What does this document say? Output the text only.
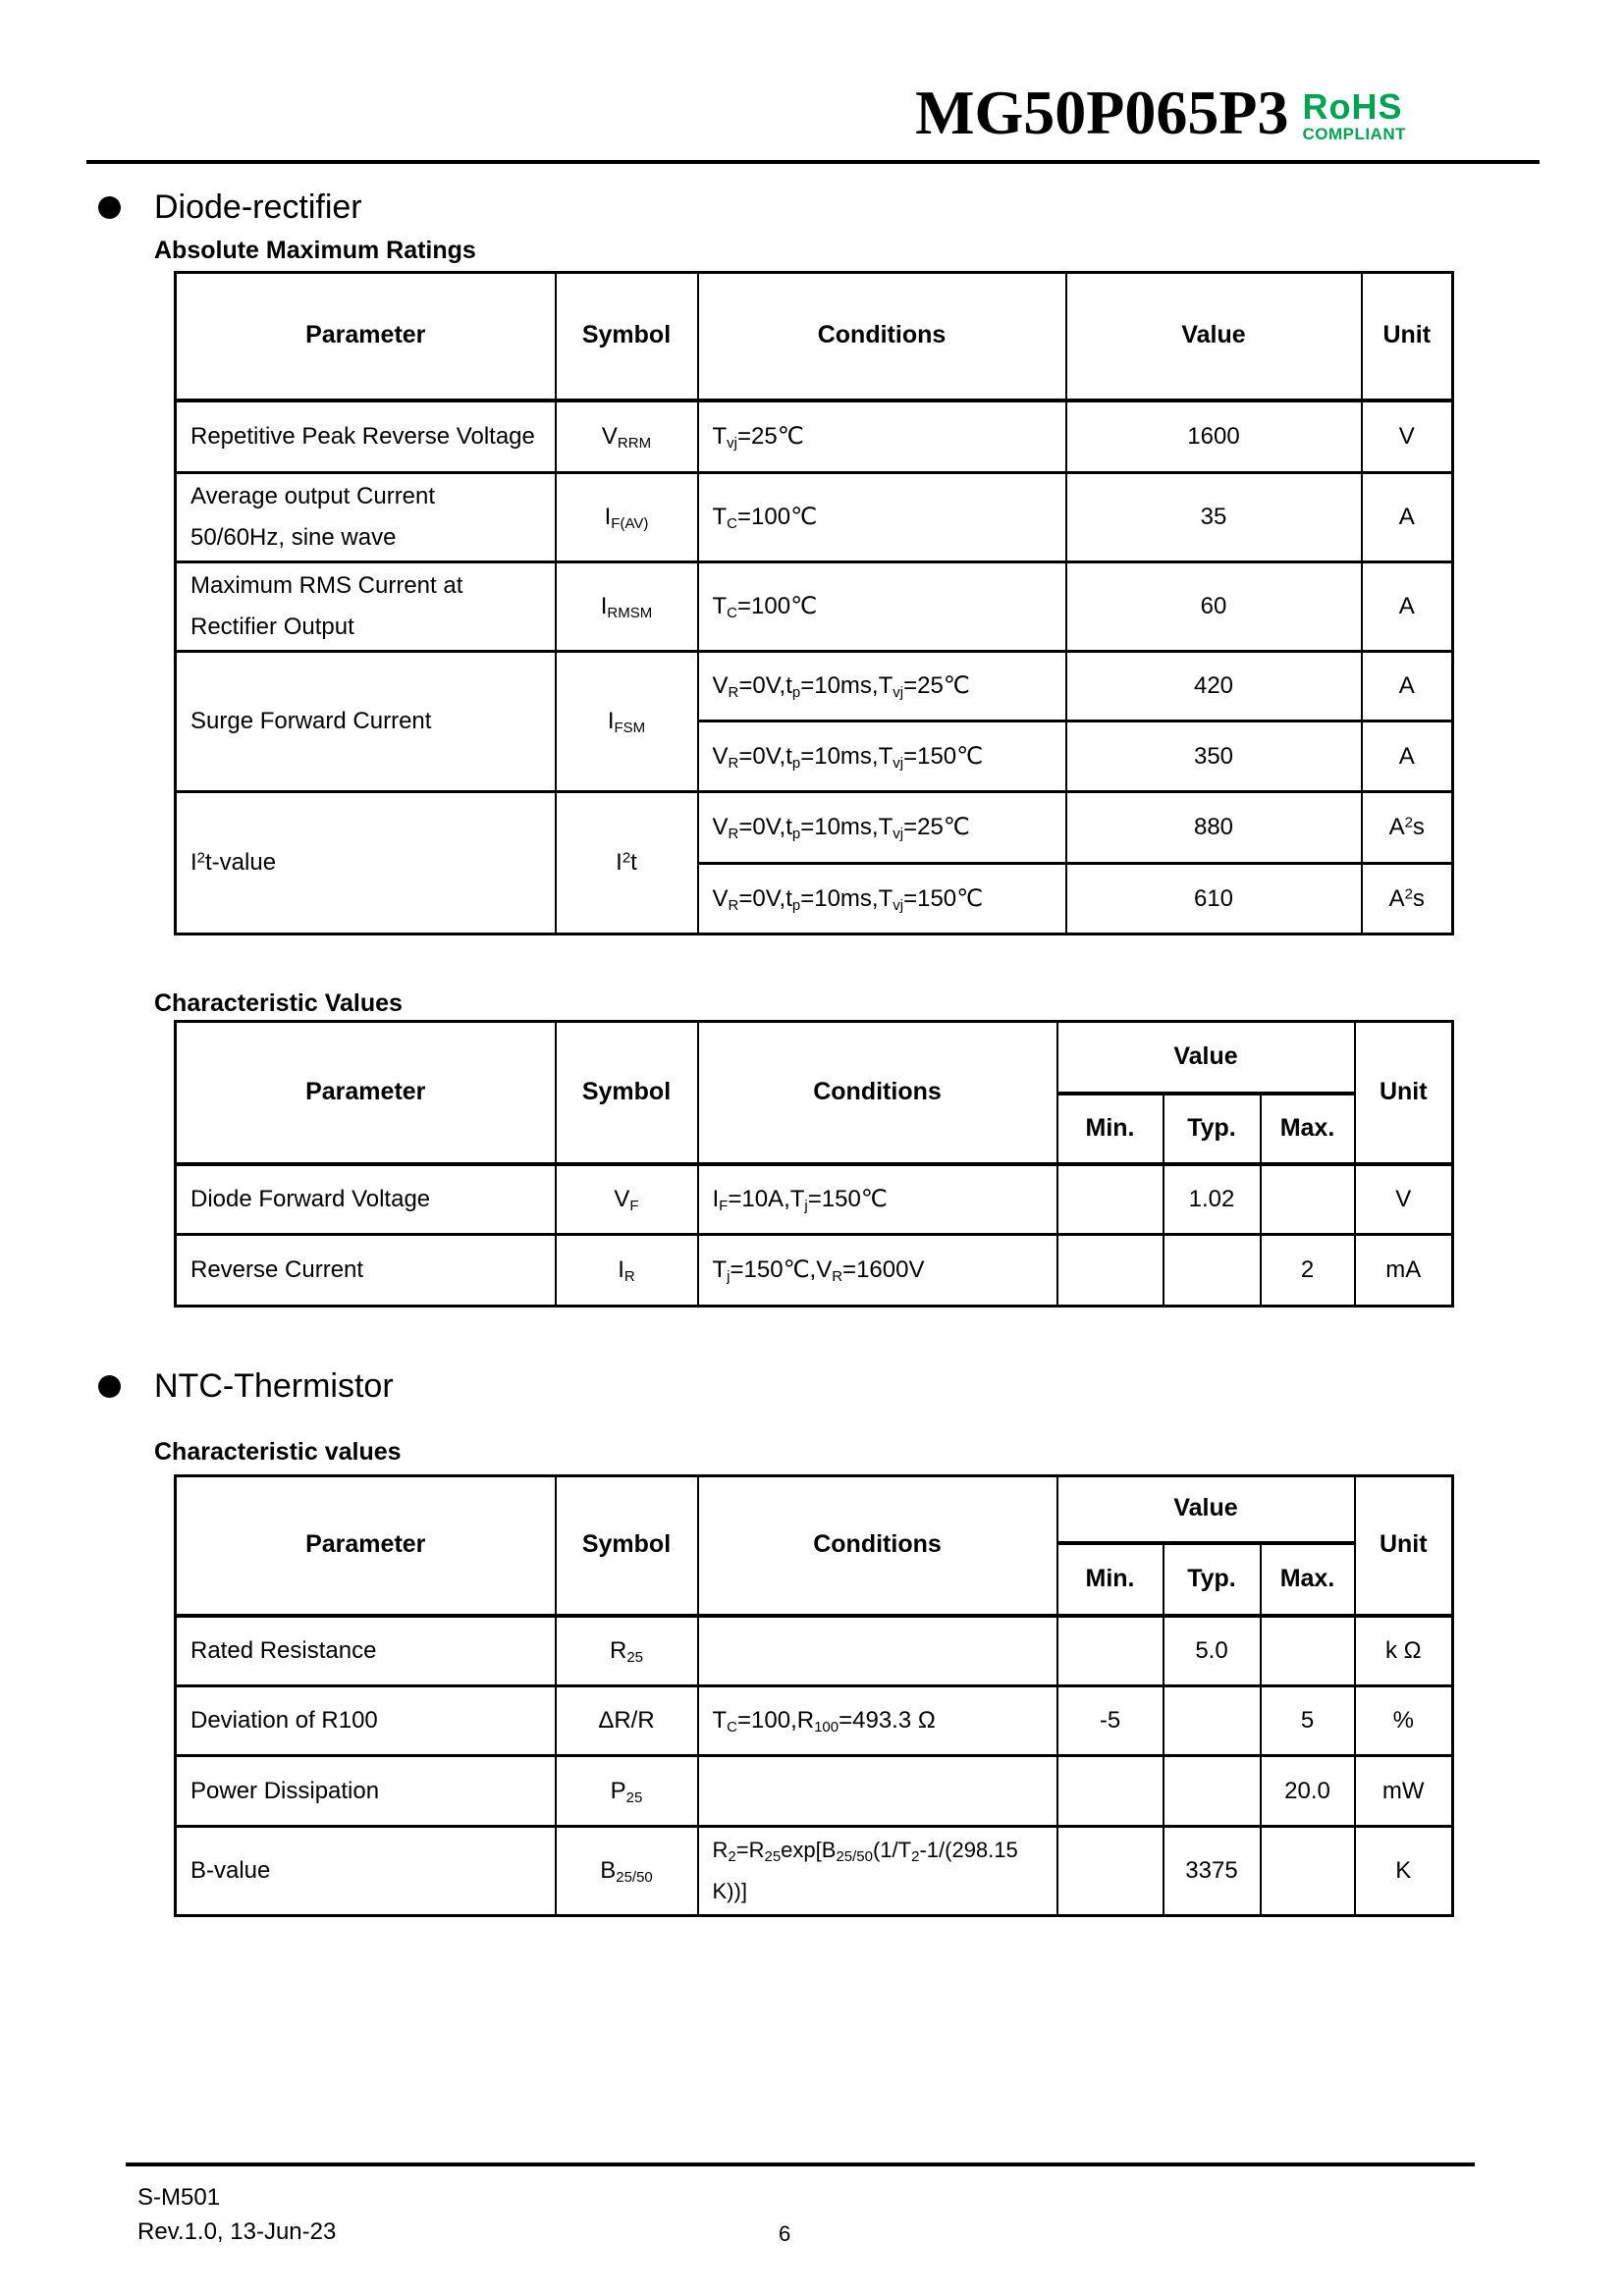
MG50P065P3 RoHS
COMPLIANT
Diode-rectifier
Absolute Maximum Ratings
Parameter	Symbol	Conditions	Value	Unit
Repetitive Peak Reverse Voltage	$V_{RRM}$	$T_{vj}=25℃$	1600	V
Average output Current
50/60Hz, sine wave	$I_{F(AV)}$	$T_C=100℃$	35	A
Maximum RMS Current at
Rectifier Output	$I_{RMSM}$	$T_C=100℃$	60	A
Surge Forward Current	$I_{FSM}$	$V_R=0V,t_p=10ms,T_{vj}=25℃$	420	A
		$V_R=0V,t_p=10ms,T_{vj}=150℃$	350	A
$I^2t$-value	$I^2t$	$V_R=0V,t_p=10ms,T_{vj}=25℃$	880	$A^2s$
		$V_R=0V,t_p=10ms,T_{vj}=150℃$	610	$A^2s$
Characteristic Values
Parameter	Symbol	Conditions	Value			Unit
			Min.	Typ.	Max.	
Diode Forward Voltage	$V_F$	$I_F=10A,T_j=150℃$		1.02		V
Reverse Current	$I_R$	$T_j=150℃,V_R=1600V$			2	mA
NTC-Thermistor
Characteristic values
Parameter	Symbol	Conditions	Value			Unit
			Min.	Typ.	Max.	
Rated Resistance	$R_{25}$			5.0		k Ω
Deviation of R100	ΔR/R	$T_C=100,R_{100}=493.3$ Ω	-5		5	%
Power Dissipation	$P_{25}$				20.0	mW
B-value	$B_{25/50}$	$R_2=R_{25}\exp[B_{25/50}(1/T_2-1/(298.15$
K))]		3375		K
S-M501
Rev.1.0, 13-Jun-23	6
